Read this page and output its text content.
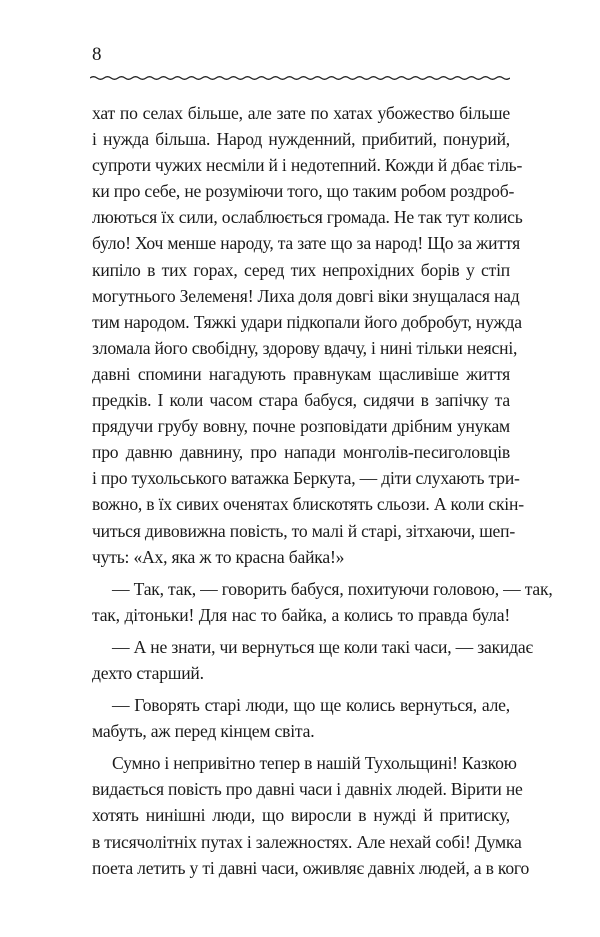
8
хат по селах більше, але зате по хатах убожество більше
і нужда більша. Народ нужденний, прибитий, понурий,
супроти чужих несміли й і недотепний. Кожди й дбає тіль-
ки про себе, не розуміючи того, що таким робом роздроб-
люються їх сили, ослаблюється громада. Не так тут колись
було! Хоч менше народу, та зате що за народ! Що за життя
кипіло в тих горах, серед тих непрохідних борів у стіп
могутнього Зелеменя! Лиха доля довгі віки знущалася над
тим народом. Тяжкі удари підкопали його добробут, нужда
зломала його свобідну, здорову вдачу, і нині тільки неясні,
давні спомини нагадують правнукам щасливіше життя
предків. І коли часом стара бабуся, сидячи в запічку та
прядучи грубу вовну, почне розповідати дрібним унукам
про давню давнину, про напади монголів-песиголовців
і про тухольського ватажка Беркута, — діти слухають три-
вожно, в їх сивих оченятах блискотять сльози. А коли скін-
читься дивовижна повість, то малі й старі, зітхаючи, шеп-
чуть: «Ах, яка ж то красна байка!»
— Так, так, — говорить бабуся, похитуючи головою, — так,
так, дітоньки! Для нас то байка, а колись то правда була!
— А не знати, чи вернуться ще коли такі часи, — закидає
дехто старший.
— Говорять старі люди, що ще колись вернуться, але,
мабуть, аж перед кінцем світа.
Сумно і непривітно тепер в нашій Тухольщині! Казкою
видається повість про давні часи і давніх людей. Вірити не
хотять нинішні люди, що виросли в нужді й притиску,
в тисячолітніх путах і залежностях. Але нехай собі! Думка
поета летить у ті давні часи, оживляє давніх людей, а в кого
